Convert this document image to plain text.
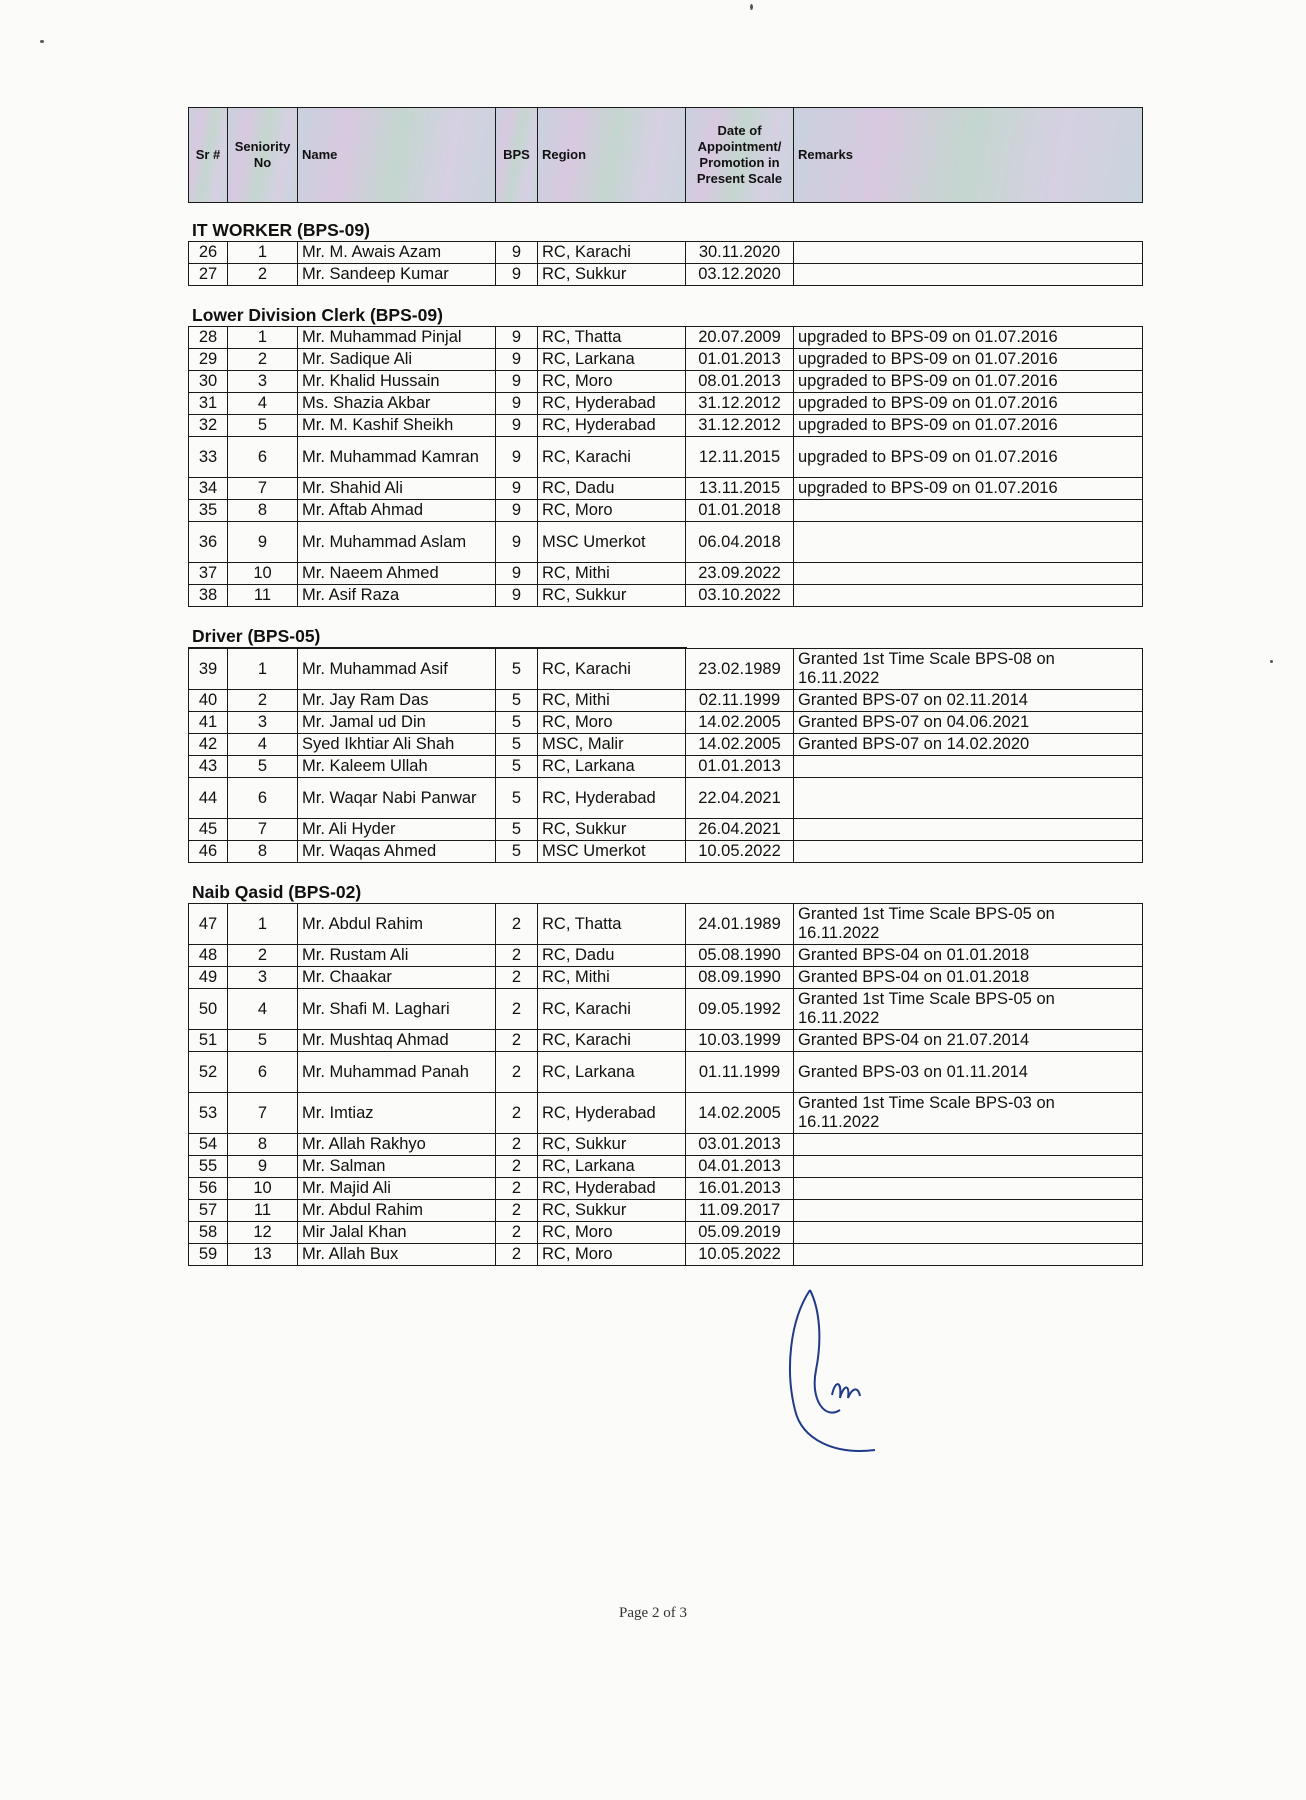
Sr #	Seniority No	Name	BPS	Region	Date of Appointment/ Promotion in Present Scale	Remarks
IT WORKER (BPS-09)
26	1	Mr. M. Awais Azam	9	RC, Karachi	30.11.2020	
27	2	Mr. Sandeep Kumar	9	RC, Sukkur	03.12.2020	
Lower Division Clerk (BPS-09)
28	1	Mr. Muhammad Pinjal	9	RC, Thatta	20.07.2009	upgraded to BPS-09 on 01.07.2016
29	2	Mr. Sadique Ali	9	RC, Larkana	01.01.2013	upgraded to BPS-09 on 01.07.2016
30	3	Mr. Khalid Hussain	9	RC, Moro	08.01.2013	upgraded to BPS-09 on 01.07.2016
31	4	Ms. Shazia Akbar	9	RC, Hyderabad	31.12.2012	upgraded to BPS-09 on 01.07.2016
32	5	Mr. M. Kashif Sheikh	9	RC, Hyderabad	31.12.2012	upgraded to BPS-09 on 01.07.2016
33	6	Mr. Muhammad Kamran	9	RC, Karachi	12.11.2015	upgraded to BPS-09 on 01.07.2016
34	7	Mr. Shahid Ali	9	RC, Dadu	13.11.2015	upgraded to BPS-09 on 01.07.2016
35	8	Mr. Aftab Ahmad	9	RC, Moro	01.01.2018	
36	9	Mr. Muhammad Aslam	9	MSC Umerkot	06.04.2018	
37	10	Mr. Naeem Ahmed	9	RC, Mithi	23.09.2022	
38	11	Mr. Asif Raza	9	RC, Sukkur	03.10.2022	
Driver (BPS-05)
39	1	Mr. Muhammad Asif	5	RC, Karachi	23.02.1989	Granted 1st Time Scale BPS-08 on 16.11.2022
40	2	Mr. Jay Ram Das	5	RC, Mithi	02.11.1999	Granted BPS-07 on 02.11.2014
41	3	Mr. Jamal ud Din	5	RC, Moro	14.02.2005	Granted BPS-07 on 04.06.2021
42	4	Syed Ikhtiar Ali Shah	5	MSC, Malir	14.02.2005	Granted BPS-07 on 14.02.2020
43	5	Mr. Kaleem Ullah	5	RC, Larkana	01.01.2013	
44	6	Mr. Waqar Nabi Panwar	5	RC, Hyderabad	22.04.2021	
45	7	Mr. Ali Hyder	5	RC, Sukkur	26.04.2021	
46	8	Mr. Waqas Ahmed	5	MSC Umerkot	10.05.2022	
Naib Qasid (BPS-02)
47	1	Mr. Abdul Rahim	2	RC, Thatta	24.01.1989	Granted 1st Time Scale BPS-05 on 16.11.2022
48	2	Mr. Rustam Ali	2	RC, Dadu	05.08.1990	Granted BPS-04 on 01.01.2018
49	3	Mr. Chaakar	2	RC, Mithi	08.09.1990	Granted BPS-04 on 01.01.2018
50	4	Mr. Shafi M. Laghari	2	RC, Karachi	09.05.1992	Granted 1st Time Scale BPS-05 on 16.11.2022
51	5	Mr. Mushtaq Ahmad	2	RC, Karachi	10.03.1999	Granted BPS-04 on 21.07.2014
52	6	Mr. Muhammad Panah	2	RC, Larkana	01.11.1999	Granted BPS-03 on 01.11.2014
53	7	Mr. Imtiaz	2	RC, Hyderabad	14.02.2005	Granted 1st Time Scale BPS-03 on 16.11.2022
54	8	Mr. Allah Rakhyo	2	RC, Sukkur	03.01.2013	
55	9	Mr. Salman	2	RC, Larkana	04.01.2013	
56	10	Mr. Majid Ali	2	RC, Hyderabad	16.01.2013	
57	11	Mr. Abdul Rahim	2	RC, Sukkur	11.09.2017	
58	12	Mir Jalal Khan	2	RC, Moro	05.09.2019	
59	13	Mr. Allah Bux	2	RC, Moro	10.05.2022	
Page 2 of 3
